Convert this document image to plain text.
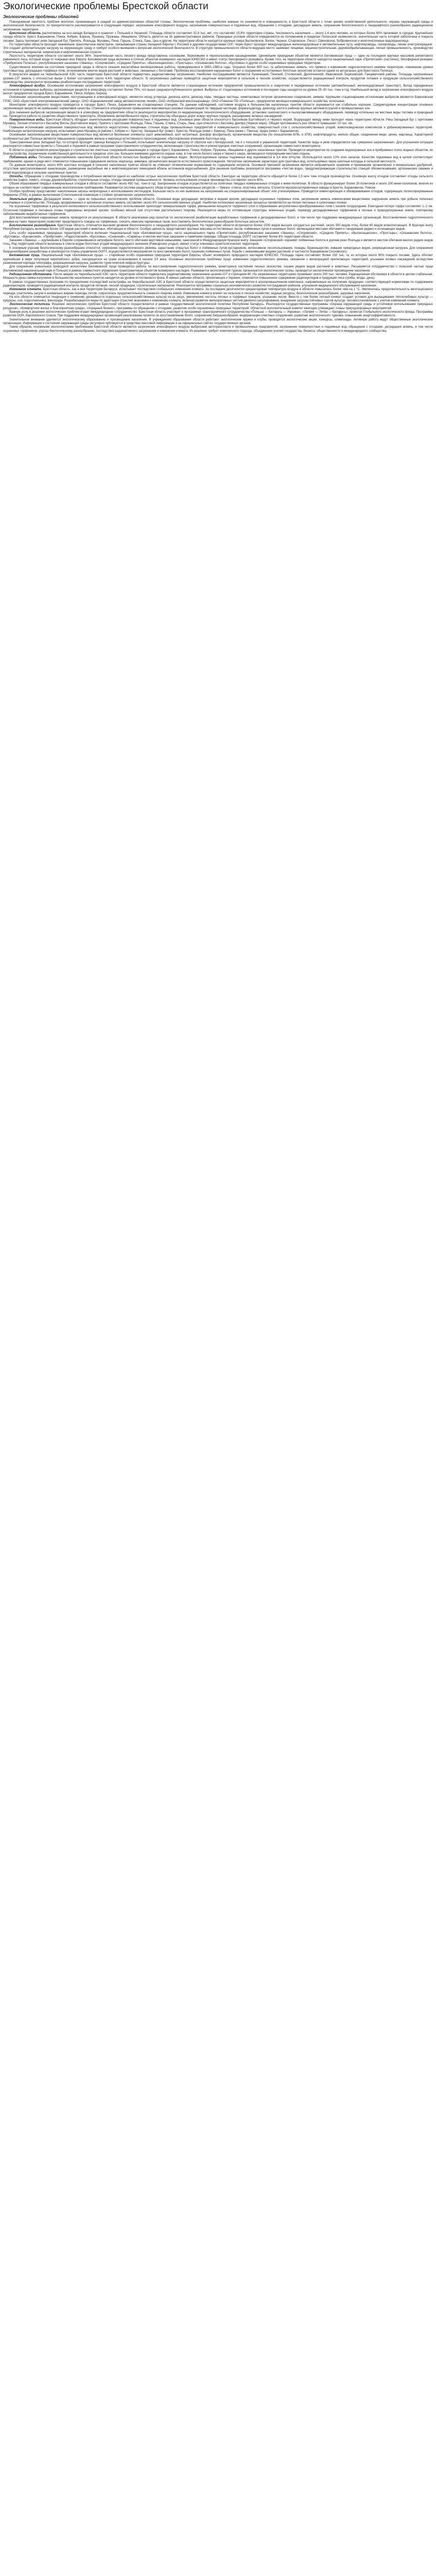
Экологические проблемы Брестской области
Экологические проблемы областей

Повседневная занятость проблем экологии, проживающих в каждой из административных областей страны. Экологические проблемы, наиболее важные по значимости и освещенности, в Брестской области с точки зрения хозяйственной деятельности, охраны окружающей среды и экологической безопасности, по приоритетности рассматриваются в следующем порядке: загрязнение атмосферного воздуха, загрязнение поверхностных и подземных вод, обращение с отходами, деградация земель, сохранение биологического и ландшафтного разнообразия, радиационное загрязнение территории.

Брестская область расположена на юго-западе Беларуси и граничит с Польшей и Украиной. Площадь области составляет 32,8 тыс. км², что составляет 15,8% территории страны. Численность населения — около 1,4 млн человек, из которых более 60% проживает в городах. Крупнейшие города области: Брест, Барановичи, Пинск, Кобрин, Береза, Лунинец, Пружаны, Ивацевичи. Область делится на 16 административных районов. Природные условия области определяются ее положением в пределах Полесской низменности, значительная часть которой заболочена и покрыта лесами. Здесь протекают реки Западный Буг, Припять, Ясельда, Мухавец, Пина, Горынь, Ствига, Лань, Цна и другие. На территории области находятся крупные озера Выгоновское, Белое, Черное, Споровское, Погост, Ореховское, Бобровичское и многочисленные водохранилища.

По территории области проходят важнейшие транспортные магистрали, связывающие страны Западной Европы с Россией и другими государствами СНГ. Через Брест проходят международные железнодорожные и автомобильные пути, нефтепроводы, газопроводы, линии электропередачи. Это создает дополнительную нагрузку на окружающую среду и требует особого внимания к вопросам экологической безопасности. В структуре промышленности области ведущее место занимают пищевая, машиностроительная, деревообрабатывающая, легкая промышленность, производство строительных материалов, химическая и нефтехимическая отрасли.

Лесистость территории области составляет около 36%. Значительная часть лесного фонда представлена сосновыми, березовыми и черноольховыми насаждениями. Ценнейшим природным объектом является Беловежская пуща — один из последних крупных массивов реликтового равнинного леса, который когда-то покрывал всю Европу. Беловежская пуща включена в Список объектов всемирного наследия ЮНЕСКО и имеет статус биосферного резервата. Кроме того, на территории области находятся национальный парк «Припятский» (частично), биосферный резерват «Прибужское Полесье», республиканские заказники «Званец», «Споровский», «Средняя Припять», «Выгонощанское», «Простырь», «Ольманские болота», «Бусловка» и другие особо охраняемые природные территории.

Существенное влияние на состояние природной среды в области оказали масштабные мелиоративные работы, проводившиеся в 1960–1980-е годы. Осушено более 600 тыс. га заболоченных земель, что привело к изменению гидрологического режима территории, понижению уровня грунтовых вод, деградации торфяных почв, исчезновению многих видов растений и животных, связанных с болотами. Проблема восстановления нарушенных болот и сохранения естественных болотных экосистем остается одной из актуальных для Брестского Полесья.

В результате аварии на Чернобыльской АЭС часть территории Брестской области подверглась радиоактивному загрязнению. Наиболее пострадавшими являются Лунинецкий, Пинский, Столинский, Дрогичинский, Ивановский, Березовский, Ганцевичский районы. Площадь загрязненных цезием-137 земель с плотностью выше 1 Ки/км² составляет около 4,4% территории области. В загрязненных районах проводятся защитные мероприятия в сельском и лесном хозяйстве, осуществляется радиационный контроль продуктов питания и продукции сельскохозяйственного производства, реализуются программы реабилитации пострадавших территорий.

Атмосферный воздух. Основными источниками загрязнения атмосферного воздуха в Брестской области являются стационарные источники предприятий промышленности и энергетики и передвижные источники (автомобильный, железнодорожный транспорт). Вклад передвижных источников в суммарные выбросы загрязняющих веществ в атмосферу составляет более 75%, что выше среднереспубликанского уровня. Выбросы от стационарных источников в последние годы находятся на уровне 25–30 тыс. тонн в год. Наибольший вклад в загрязнение атмосферного воздуха вносят предприятия городов Брест, Барановичи, Пинск, Кобрин, Береза.

Основными загрязняющими веществами, поступающими в атмосферный воздух, являются оксид углерода, диоксид азота, диоксид серы, твердые частицы, неметановые летучие органические соединения, аммиак. Крупными стационарными источниками выбросов являются Березовская ГРЭС, ОАО «Брестский электромеханический завод», ОАО «Барановичский завод автоматических линий», ОАО «Кобринский маслосырзавод», ОАО «Пинское ПО «Полесье», предприятия жилищно-коммунального хозяйства, котельные.

Мониторинг атмосферного воздуха проводится в городах Брест, Пинск, Барановичи на стационарных станциях. По данным наблюдений, состояние воздуха в большинстве населенных пунктов области оценивается как стабильно хорошее. Среднегодовые концентрации основных загрязняющих веществ не превышают нормативов качества. Отмечаются эпизодические превышения максимально разовых концентраций по твердым частицам, формальдегиду, диоксиду азота в районах крупных автомагистралей и промышленных зон.

Для снижения выбросов загрязняющих веществ в атмосферу на предприятиях области реализуются мероприятия по модернизации технологического оборудования, установке газоочистного и пылеулавливающего оборудования, переводу котельных на местные виды топлива и природный газ. Проводится работа по развитию общественного транспорта, обновлению автомобильного парка, строительству объездных дорог вокруг крупных городов, расширению зеленых насаждений.

Поверхностные воды. Брестская область обладает значительными ресурсами поверхностных и подземных вод. Основные реки области относятся к бассейнам Балтийского и Черного морей. Водораздел между ними проходит через территорию области. Река Западный Буг с притоками Мухавец, Лесная относится к бассейну Вислы (Балтийское море). Припять с притоками Ясельда, Пина, Горынь, Ствига, Стырь, Лань, Цна относится к бассейну Днепра (Черное море). Общая протяженность рек области превышает 10 тыс. км.

Главными источниками загрязнения поверхностных вод являются недостаточно очищенные сточные воды промышленных предприятий и коммунального хозяйства, поверхностный сток с сельскохозяйственных угодий, животноводческих комплексов и урбанизированных территорий. Наибольшую антропогенную нагрузку испытывают реки Мухавец (в районе г. Кобрин и г. Бреста), Западный Буг (ниже г. Бреста), Ясельда (ниже г. Береза), Пина (ниже г. Пинска), Щара (ниже г. Барановичи).

Основными загрязняющими веществами поверхностных вод являются биогенные элементы (азот аммонийный, азот нитритный, фосфор фосфатный), органические вещества (по показателям БПК₅ и ХПК), нефтепродукты, железо общее, соединения меди, цинка, марганца. Характерной особенностью рек Полесья является повышенное содержание железа и марганца естественного происхождения, обусловленное влиянием болотных вод.

Трансграничная река Западный Буг, по которой проходит граница Беларуси с Польшей, испытывает значительную нагрузку от сбросов как с белорусской, так и с польской и украинской территорий. Качество воды в реке определяется как «умеренно загрязненная». Для улучшения ситуации реализуются совместные проекты с Польшей и Украиной в рамках программ трансграничного сотрудничества, включающие строительство и реконструкцию очистных сооружений, организацию совместного мониторинга.

В области осуществляется реконструкция и строительство очистных сооружений канализации в городах Брест, Барановичи, Пинск, Кобрин, Пружаны, Ивацевичи и других населенных пунктах. Проводятся мероприятия по созданию водоохранных зон и прибрежных полос водных объектов, их благоустройству, ограничению хозяйственной деятельности в пределах этих зон. Большое внимание уделяется охране озер, в том числе Белого озера и Черного озера, являющихся популярными местами отдыха.

Подземные воды. Питьевое водоснабжение населения Брестской области полностью базируется на подземных водах. Эксплуатационные запасы подземных вод оцениваются в 3,4 млн м³/сутки. Используется около 10% этих запасов. Качество подземных вод в целом соответствует требованиям, однако в ряде мест отмечается повышенное содержание железа, марганца, аммиака, органических веществ естественного происхождения. Нитратное загрязнение характерно для грунтовых вод, используемых через шахтные колодцы в сельской местности.

По данным мониторинга, около 40% шахтных колодцев в сельских населенных пунктах области не отвечают гигиеническим нормативам по содержанию нитратов. Основной причиной загрязнения является неправильное хранение и применение органических и минеральных удобрений, отсутствие централизованной канализации, размещение выгребных ям и животноводческих помещений вблизи источников водоснабжения. Для решения проблемы реализуется программа «Чистая вода», предусматривающая строительство станций обезжелезивания, артезианских скважин и сетей водопровода в сельских населенных пунктах.

Отходы. Обращение с отходами производства и потребления является одной из наиболее острых экологических проблем Брестской области. Ежегодно на территории области образуется более 2,5 млн тонн отходов производства. Основную массу отходов составляют отходы сельского хозяйства (навоз, помет), отходы деревообработки, строительные отходы, отходы пищевой промышленности. Уровень использования отходов производства составляет около 80%.

Объем образования твердых коммунальных отходов в области составляет около 450 тыс. тонн в год. Захоронение отходов осуществляется на полигонах твердых коммунальных отходов и мини-полигонах. В области функционирует более 20 полигонов и около 100 мини-полигонов, многие из которых не соответствуют современным экологическим требованиям. Развивается система раздельного сбора вторичных материальных ресурсов — бумаги, стекла, пластика, металла. Строятся мусоросортировочные заводы в Бресте, Барановичах, Пинске.

Особую проблему представляют накопленные запасы непригодных к использованию пестицидов. Большая часть из них вывезена на захоронение на специализированный объект или утилизирована. Проводится инвентаризация и обезвреживание отходов, содержащих полихлорированные бифенилы (ПХБ), в рамках выполнения Стокгольмской конвенции о стойких органических загрязнителях.

Земельные ресурсы. Деградация земель — одна из серьезных экологических проблем области. Основные виды деградации: ветровая и водная эрозия, деградация осушенных торфяных почв, загрязнение земель химическими веществами, нарушение земель при добыче полезных ископаемых и строительстве. Площадь эродированных и эрозионно опасных земель составляет около 8% сельскохозяйственных угодий. Наиболее интенсивно эрозионные процессы проявляются на легких песчаных и супесчаных почвах.

На осушенных торфяниках в результате интенсивного сельскохозяйственного использования происходит минерализация торфа, уменьшение мощности торфяного слоя и образование антропогенно-преобразованных почв с низким плодородием. Ежегодная потеря торфа составляет 1–2 см. Остаточно-торфяные и песчаные почвы подвержены ветровой эрозии, особенно весной при отсутствии растительного покрова. Реализуются меры по оптимизации структуры земельных угодий, переводу деградированных торфяников в лесные и природоохранные земли, повторному заболачиванию выработанных торфяников.

Для восстановления нарушенных земель проводится их рекультивация. В области реализован ряд проектов по экологической реабилитации выработанных торфяников и деградированных болот, в том числе при поддержке международных организаций. Восстановление гидрологического режима на таких территориях позволяет предотвратить пожары на торфяниках, снизить эмиссию парниковых газов, восстановить биологическое разнообразие болотных экосистем.

Биологическое разнообразие. Брестская область отличается высоким уровнем биологического и ландшафтного разнообразия. На территории области встречается более 1500 видов высших сосудистых растений, около 300 видов птиц, более 60 видов млекопитающих. В Красную книгу Республики Беларусь включено более 150 видов растений и животных, обитающих в области. Особую ценность представляют крупные массивы естественных лесов, пойменных лугов и низинных болот, являющихся местами обитания и гнездования редких и исчезающих видов.

Сеть особо охраняемых природных территорий области включает Национальный парк «Беловежская пуща», часть национального парка «Припятский», республиканские заказники «Званец», «Споровский», «Средняя Припять», «Выгонощанское», «Простырь», «Ольманские болота», «Бусловка», «Букчанский», «Прибугский», «Радостовский», «Бусловка», «Синьский», «Сервечь» и многие местные заказники и памятники природы. Общая площадь ООПТ составляет более 8% территории области.

Заказник «Званец» — крупнейшее в Европе сохранившееся эвтрофное болото, место обитания вертлявой камышевки, занесенной в Международную Красную книгу. Заказник «Споровский» охраняет пойменные болота в долине реки Ясельда и является местом обитания многих редких видов птиц. Ряд территорий области включены в список водно-болотных угодий международного значения (Рамсарские угодья), имеют статус ключевых орнитологических территорий.

К основным угрозам биологическому разнообразию относятся: изменение гидрологического режима, зарастание открытых болот и пойменных лугов кустарником, интенсивное лесопользование, пожары, браконьерство, инвазия чужеродных видов, рекреационная нагрузка. Для сохранения биоразнообразия разработаны и реализуются планы управления ООПТ, осуществляются мероприятия по восстановлению болот, кошению пойменных лугов, борьбе с инвазивными видами растений, в частности борщевиком Сосновского.

Беловежская пуща. Национальный парк «Беловежская пуща» — старейшая особо охраняемая природная территория Европы, объект всемирного природного наследия ЮНЕСКО. Площадь парка составляет более 150 тыс. га, из которых около 90% покрыто лесами. Здесь обитает крупнейшая в мире популяция европейского зубра, находящегося на грани исчезновения в начале XX века. Основные экологические проблемы пущи: изменение гидрологического режима, связанное с мелиорацией прилегающих территорий, усыхание еловых насаждений вследствие размножения короеда-типографа, рекреационная нагрузка, развитие туристической инфраструктуры.

Для сохранения уникальной природной экосистемы Беловежской пущи проводятся работы по восстановлению гидрологического режима, мониторингу состояния лесных экосистем, охране редких видов растений и животных. Расширяется сотрудничество с польской частью пущи (Беловежский национальный парк в Польше) в рамках совместного управления трансграничным объектом всемирного наследия. Развивается экологический туризм, организуются экологические тропы, проводится экологическое просвещение населения.

Радиационная обстановка. После аварии на Чернобыльской АЭС часть территории области подверглась радиоактивному загрязнению цезием-137 и стронцием-90. На загрязненных территориях проживает около 200 тыс. человек. Радиационная обстановка в области в целом стабильная. Мощность дозы гамма-излучения в большинстве населенных пунктов находится на уровне естественного фона. В южных районах области, прилегающих к Украине, отмечается повышенное содержание радионуклидов в продукции леса (грибы, ягоды, дичь).

В рамках государственных программ по преодолению последствий катастрофы на Чернобыльской АЭС в Брестской области осуществляются защитные мероприятия в агропромышленном комплексе, направленные на получение продукции, соответствующей нормативам по содержанию радионуклидов, проводится радиационный контроль продуктов питания, лесной продукции, строительных материалов. Реализуются программы социально-экономического развития пострадавших районов, улучшения медицинского обслуживания населения.

Изменение климата. Брестская область, как и вся территория Беларуси, испытывает последствия глобального изменения климата. За последние десятилетия среднегодовая температура воздуха в области повысилась более чем на 1 °C. Увеличилась продолжительность вегетационного периода, участились засухи и аномально жаркие периоды летом, сократилась продолжительность снежного покрова зимой. Изменение климата влияет на сельское и лесное хозяйство, водные ресурсы, биологическое разнообразие, здоровье населения.

На юге области отмечается тенденция к снижению урожайности отдельных сельскохозяйственных культур из-за засух, увеличению частоты лесных и торфяных пожаров, усыханию лесов. Вместе с тем более теплый климат создает условия для выращивания теплолюбивых культур — кукурузы, сои, подсолнечника, винограда. Разрабатываются меры по адаптации отраслей экономики к изменению климата, включая развитие мелиоративных систем двойного регулирования, внедрение засухоустойчивых сортов культур, лесовосстановление с учетом изменений климата.

Экологическая политика. Решение экологических проблем Брестской области осуществляется в рамках государственной экологической политики Республики Беларусь. Реализуются государственные программы «Охрана окружающей среды и устойчивое использование природных ресурсов», «Комфортное жилье и благоприятная среда», «Аграрный бизнес», программы по обращению с отходами, развитию особо охраняемых природных территорий. Областной исполнительный комитет ежегодно утверждает планы природоохранных мероприятий.

Важную роль в решении экологических проблем играет международное сотрудничество. Брестская область участвует в программах трансграничного сотрудничества «Польша — Беларусь — Украина», «Латвия — Литва — Беларусь», проектах Глобального экологического фонда, Программы развития ООН, Европейского Союза. При поддержке международных организаций реализованы проекты по восстановлению болот, сохранению биоразнообразия, модернизации очистных сооружений, развитию экологического туризма, повышению энергоэффективности.

Значительное внимание уделяется экологическому образованию и просвещению населения. В учреждениях образования области работают экологические кружки и клубы, проводятся экологические акции, конкурсы, олимпиады. Активную работу ведут общественные экологические организации. Информация о состоянии окружающей среды регулярно публикуется в средствах массовой информации и на официальных сайтах государственных органов.

Таким образом, основными экологическими проблемами Брестской области являются загрязнение атмосферного воздуха выбросами автотранспорта и промышленных предприятий, загрязнение поверхностных и подземных вод, обращение с отходами, деградация земель, в том числе осушенных торфяников, угрозы биологическому разнообразию, последствия радиоактивного загрязнения и изменения климата. Их решение требует комплексного подхода, объединения усилий государства, бизнеса, общественности и международного сообщества.
